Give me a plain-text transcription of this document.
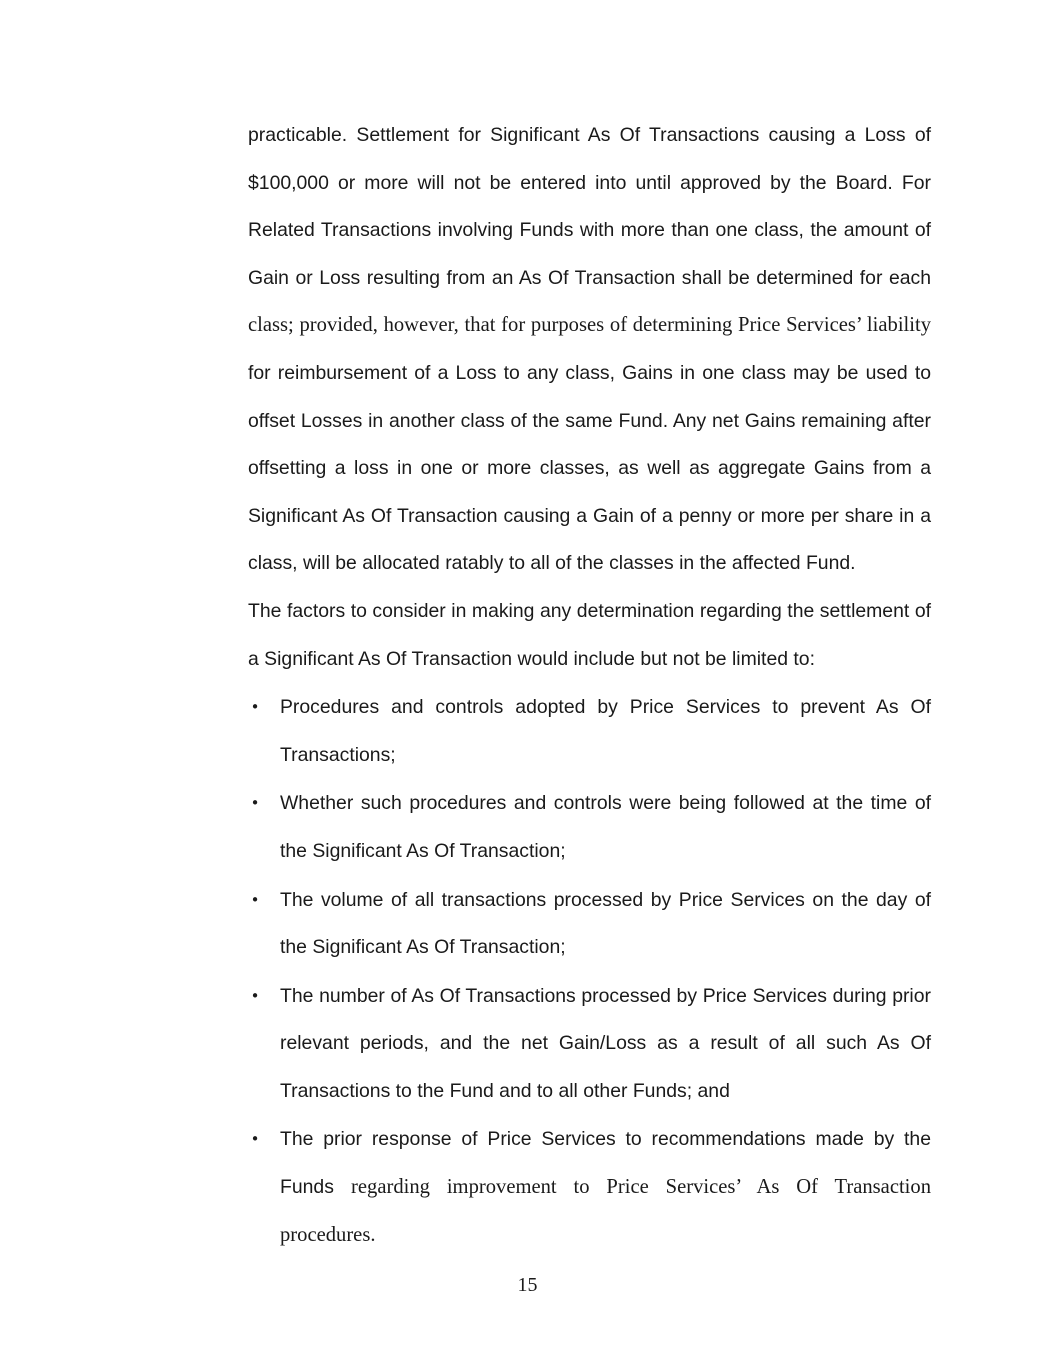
practicable. Settlement for Significant As Of Transactions causing a Loss of $100,000 or more will not be entered into until approved by the Board. For Related Transactions involving Funds with more than one class, the amount of Gain or Loss resulting from an As Of Transaction shall be determined for each class; provided, however, that for purposes of determining Price Services’ liability for reimbursement of a Loss to any class, Gains in one class may be used to offset Losses in another class of the same Fund. Any net Gains remaining after offsetting a loss in one or more classes, as well as aggregate Gains from a Significant As Of Transaction causing a Gain of a penny or more per share in a class, will be allocated ratably to all of the classes in the affected Fund.

The factors to consider in making any determination regarding the settlement of a Significant As Of Transaction would include but not be limited to:

• Procedures and controls adopted by Price Services to prevent As Of Transactions;
• Whether such procedures and controls were being followed at the time of the Significant As Of Transaction;
• The volume of all transactions processed by Price Services on the day of the Significant As Of Transaction;
• The number of As Of Transactions processed by Price Services during prior relevant periods, and the net Gain/Loss as a result of all such As Of Transactions to the Fund and to all other Funds; and
• The prior response of Price Services to recommendations made by the Funds regarding improvement to Price Services’ As Of Transaction procedures.
15
